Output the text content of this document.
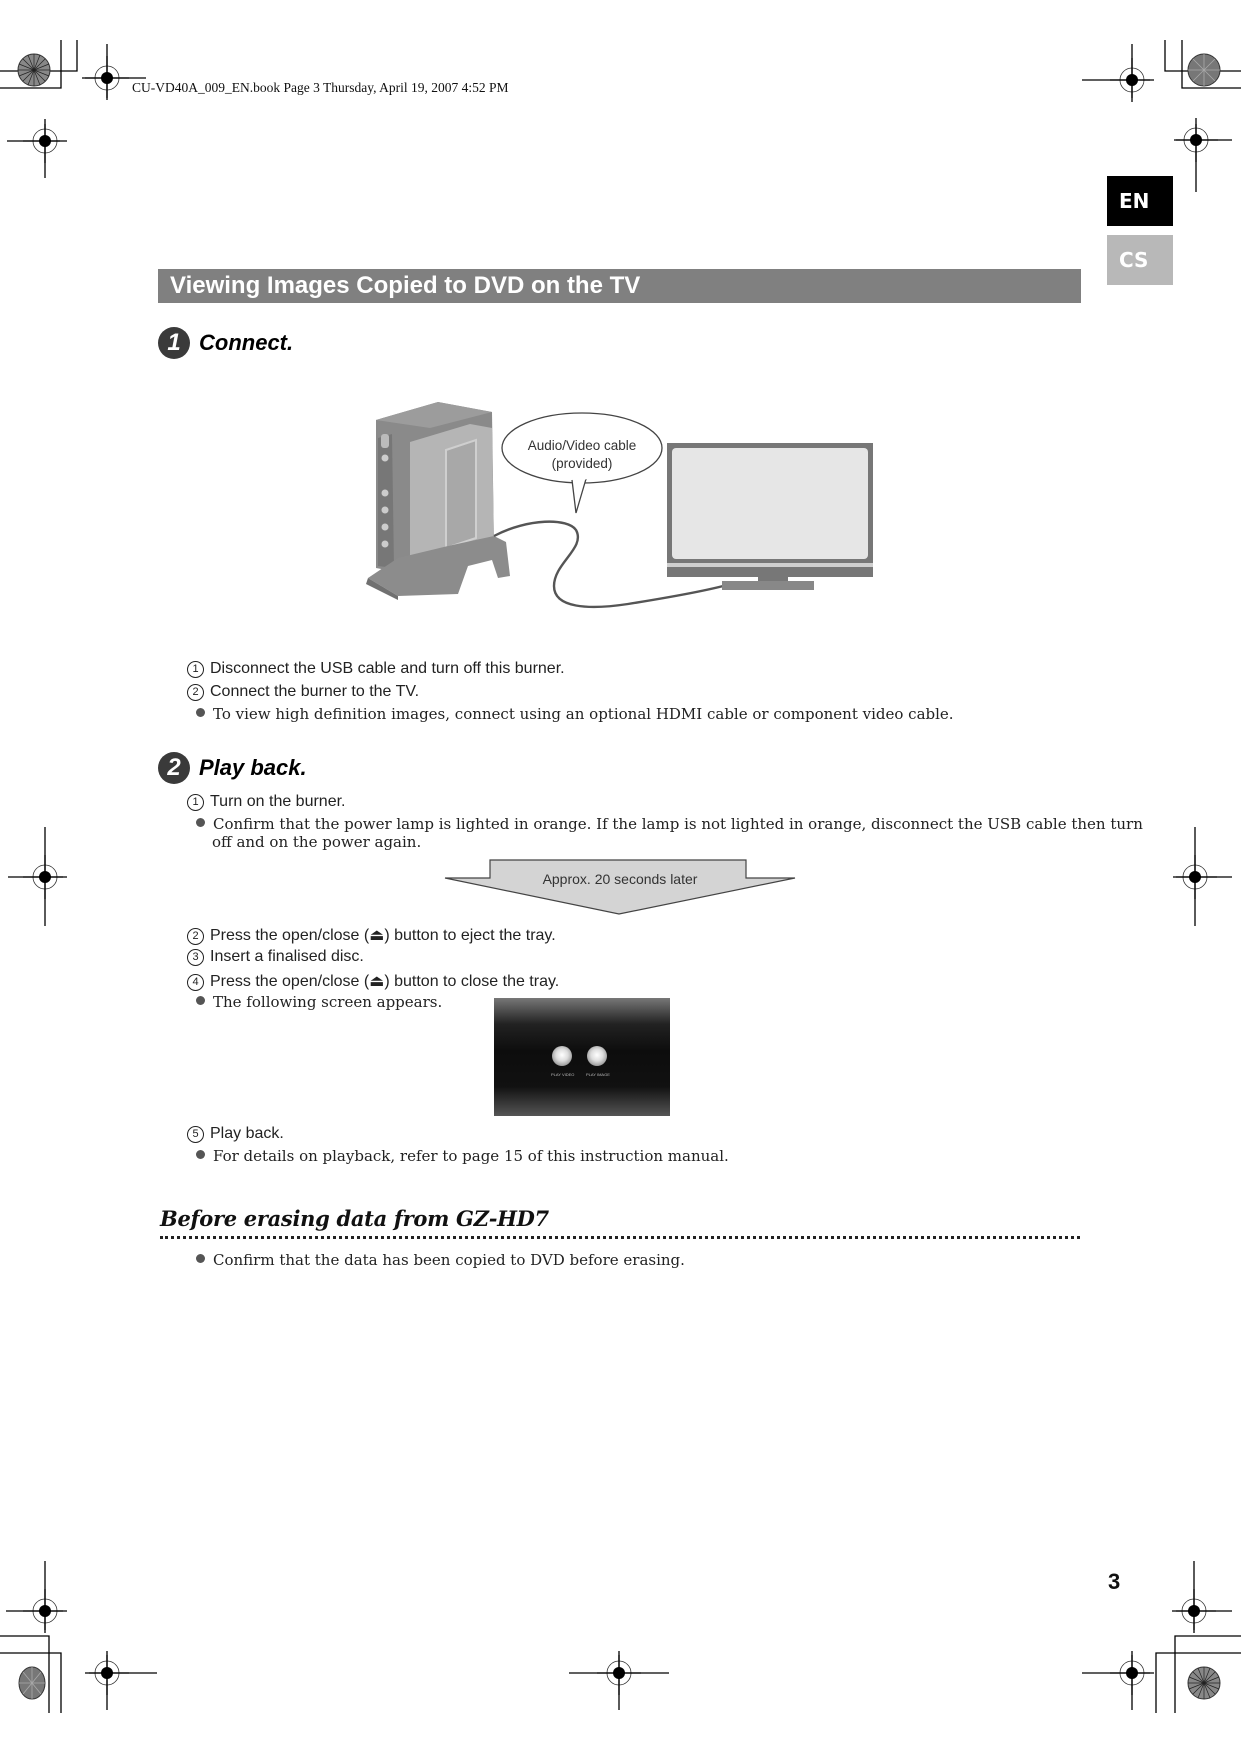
CU-VD40A_009_EN.book Page 3 Thursday, April 19, 2007 4:52 PM
EN
CS
Viewing Images Copied to DVD on the TV
1 Connect.
Audio/Video cable
(provided)
1 Disconnect the USB cable and turn off this burner.
2 Connect the burner to the TV.
To view high definition images, connect using an optional HDMI cable or component video cable.
2 Play back.
1 Turn on the burner.
Confirm that the power lamp is lighted in orange. If the lamp is not lighted in orange, disconnect the USB cable then turn
off and on the power again.
Approx. 20 seconds later
2 Press the open/close (⏏) button to eject the tray.
3 Insert a finalised disc.
4 Press the open/close (⏏) button to close the tray.
The following screen appears.
PLAY VIDEO	PLAY IMAGE
5 Play back.
For details on playback, refer to page 15 of this instruction manual.
Before erasing data from GZ-HD7
Confirm that the data has been copied to DVD before erasing.
3
